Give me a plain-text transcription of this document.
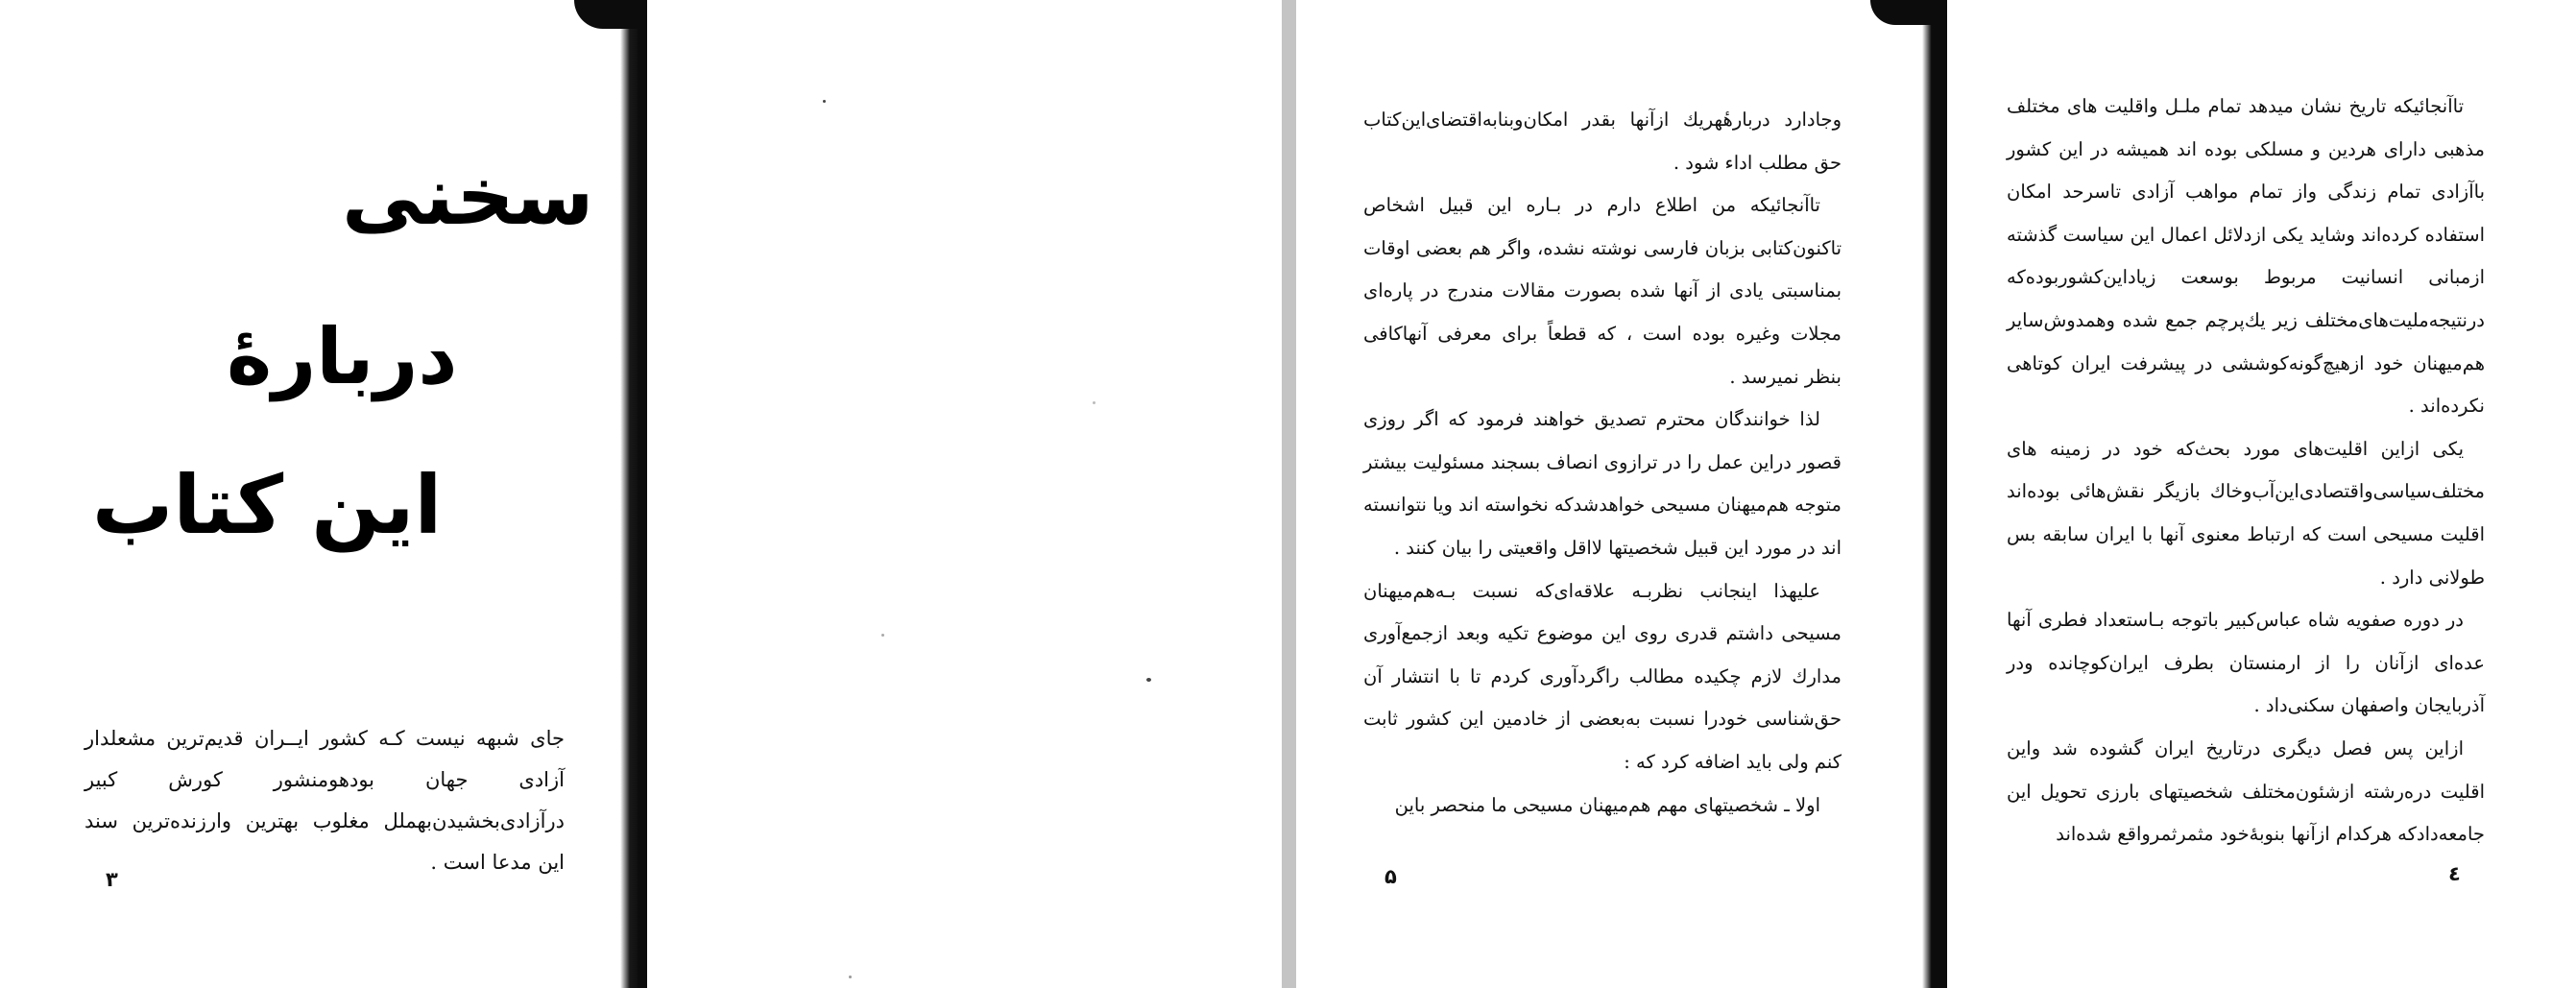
سخنی
دربارهٔ
این کتاب

جای شبهه نیست کـه کشور ایــران قدیم‌ترین مشعلدار آزادی جهان بودهومنشور کورش کبیر درآزادی‌بخشیدن‌بهملل مغلوب بهترین وارزنده‌ترین سند این مدعا است .

۳

وجادارد دربارهٔهریك ازآنها بقدر امکان‌وبنا‌به‌اقتضای‌این‌کتاب حق مطلب اداء شود .

تاآنجائیکه من اطلاع دارم در بـاره این قبیل اشخاص تاکنون‌کتابی بزبان فارسی نوشته نشده، واگر هم بعضی اوقات بمناسبتی یادی از آنها شده بصورت مقالات مندرج در پاره‌ای مجلات وغیره بوده است ، که قطعاً برای معرفی آنهاکافی بنظر نمیرسد .

لذا خوانندگان محترم تصدیق خواهند فرمود که اگر روزی قصور دراین عمل را در ترازوی انصاف بسجند مسئولیت بیشتر متوجه هم‌میهنان مسیحی خواهدشدکه نخواسته اند ویا نتوانسته اند در مورد این قبیل شخصیتها لااقل واقعیتی را بیان کنند .

علیهذا اینجانب نظربـه علاقه‌ای‌که نسبت بـه‌هم‌میهنان مسیحی داشتم قدری روی این موضوع تکیه وبعد ازجمع‌آوری مدارك لازم چکیده مطالب راگردآوری کردم تا با انتشار آن حق‌شناسی خودرا نسبت به‌بعضی از خادمین این کشور ثابت کنم ولی باید اضافه کرد که :

اولا ـ شخصیتهای مهم هم‌میهنان مسیحی ما منحصر باین

۵

تاآنجائیکه تاریخ نشان میدهد تمام ملـل واقلیت های مختلف مذهبی دارای هردین و مسلکی بوده اند همیشه در این کشور باآزادی تمام زندگی واز تمام مواهب آزادی تاسرحد امکان استفاده کرده‌اند وشاید یکی ازدلائل اعمال این سیاست گذشته ازمبانی انسانیت مربوط بوسعت زیاداین‌کشوربوده‌که درنتیجه‌ملیت‌های‌مختلف زیر یك‌پرچم جمع شده وهمدوش‌سایر هم‌میهنان خود ازهیچ‌گونه‌کوششی در پیشرفت ایران کوتاهی نکرده‌اند .

یکی ازاین اقلیت‌های مورد بحث‌که خود در زمینه‌ های مختلف‌سیاسی‌واقتصادی‌این‌آب‌وخاك بازیگر نقش‌هائی بوده‌اند اقلیت مسیحی است که ارتباط معنوی آنها با ایران سابقه بس طولانی دارد .

در دوره صفویه شاه عباس‌کبیر باتوجه بـاستعداد فطری آنها عده‌ای ازآنان را از ارمنستان بطرف ایران‌کوچانده ودر آذربایجان واصفهان سکنی‌داد .

ازاین پس فصل دیگری درتاریخ ایران گشوده شد واین اقلیت دره‌رشته ازشئون‌مختلف شخصیتهای بارزی تحویل این جامعه‌داد‌که هرکدام ازآنها بنوبهٔ‌خود مثمرثمرواقع شده‌اند

٤
